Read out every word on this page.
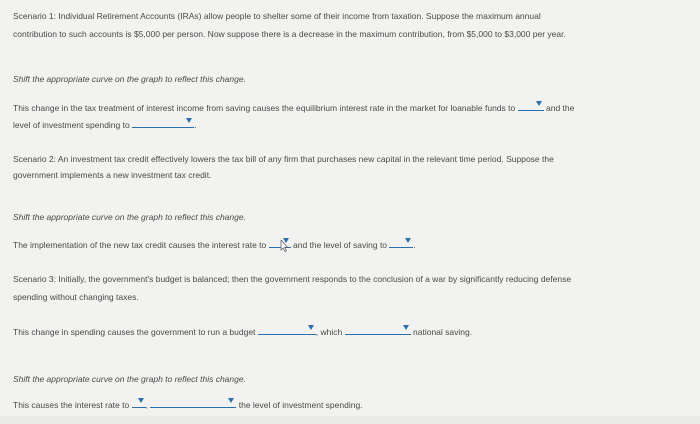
Scenario 1: Individual Retirement Accounts (IRAs) allow people to shelter some of their income from taxation. Suppose the maximum annual
contribution to such accounts is $5,000 per person. Now suppose there is a decrease in the maximum contribution, from $5,000 to $3,000 per year.
Shift the appropriate curve on the graph to reflect this change.
This change in the tax treatment of interest income from saving causes the equilibrium interest rate in the market for loanable funds to	and the
level of investment spending to	.
Scenario 2: An investment tax credit effectively lowers the tax bill of any firm that purchases new capital in the relevant time period. Suppose the
government implements a new investment tax credit.
Shift the appropriate curve on the graph to reflect this change.
The implementation of the new tax credit causes the interest rate to	and the level of saving to	.
Scenario 3: Initially, the government's budget is balanced; then the government responds to the conclusion of a war by significantly reducing defense
spending without changing taxes.
This change in spending causes the government to run a budget	, which	national saving.
Shift the appropriate curve on the graph to reflect this change.
This causes the interest rate to ,	the level of investment spending.
